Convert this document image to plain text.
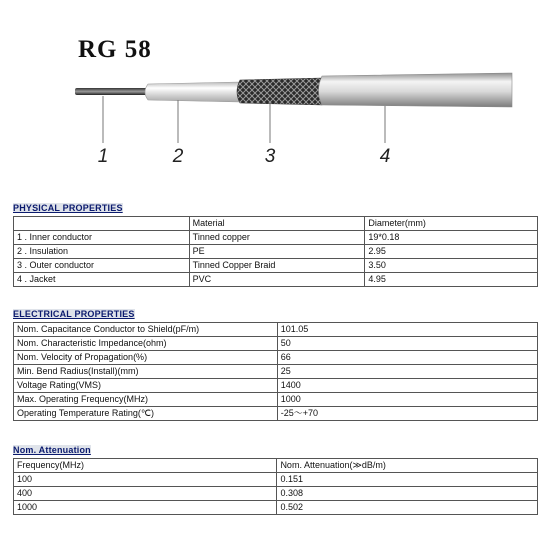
RG 58
1	2	3	4
PHYSICAL PROPERTIES
	Material	Diameter(mm)
1 . Inner conductor	Tinned copper	19*0.18
2 . Insulation	PE	2.95
3 . Outer conductor	Tinned Copper Braid	3.50
4 . Jacket	PVC	4.95
ELECTRICAL PROPERTIES
Nom. Capacitance Conductor to Shield(pF/m)	101.05
Nom. Characteristic Impedance(ohm)	50
Nom. Velocity of Propagation(%)	66
Min. Bend Radius(Install)(mm)	25
Voltage Rating(VMS)	1400
Max. Operating Frequency(MHz)	1000
Operating Temperature Rating(℃)	-25～+70
Nom. Attenuation
Frequency(MHz)	Nom. Attenuation(≫dB/m)
100	0.151
400	0.308
1000	0.502
